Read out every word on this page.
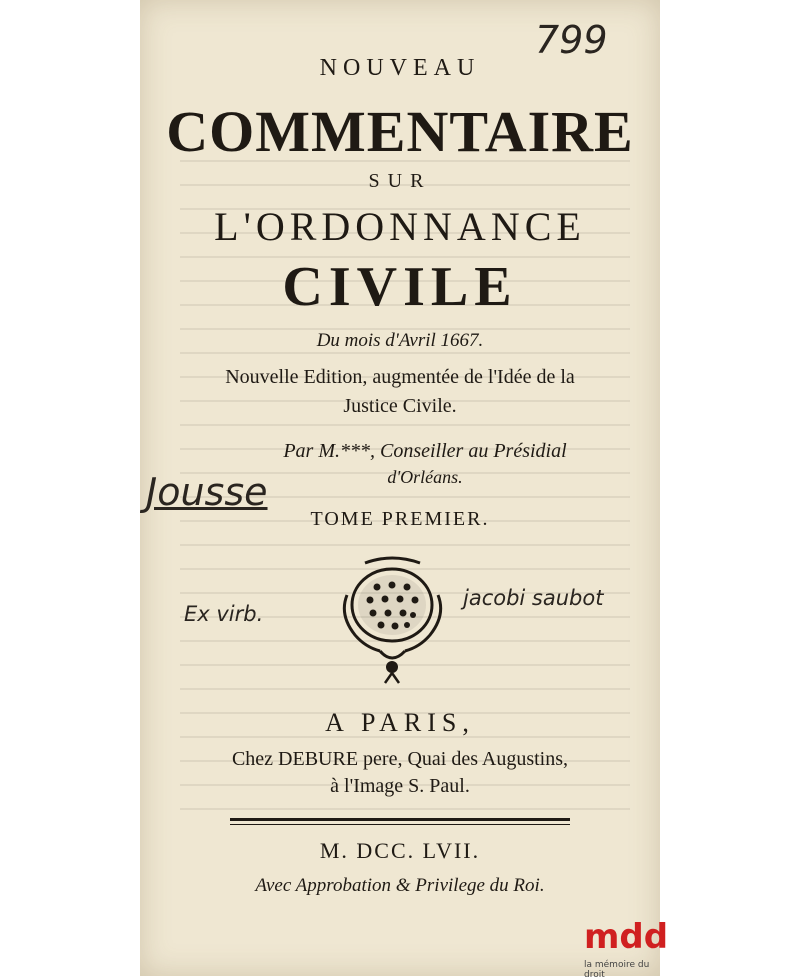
NOUVEAU
COMMENTAIRE
SUR
L'ORDONNANCE
CIVILE
Du mois d'Avril 1667.
Nouvelle Edition, augmentée de l'Idée de la
Justice Civile.
Par M.***, Conseiller au Présidial
d'Orléans.
TOME PREMIER.
A PARIS,
Chez DEBURE pere, Quai des Augustins,
à l'Image S. Paul.
M. DCC. LVII.
Avec Approbation & Privilege du Roi.
799
Jousse
Ex virb.
jacobi saubot
mdd
la mémoire du droit
